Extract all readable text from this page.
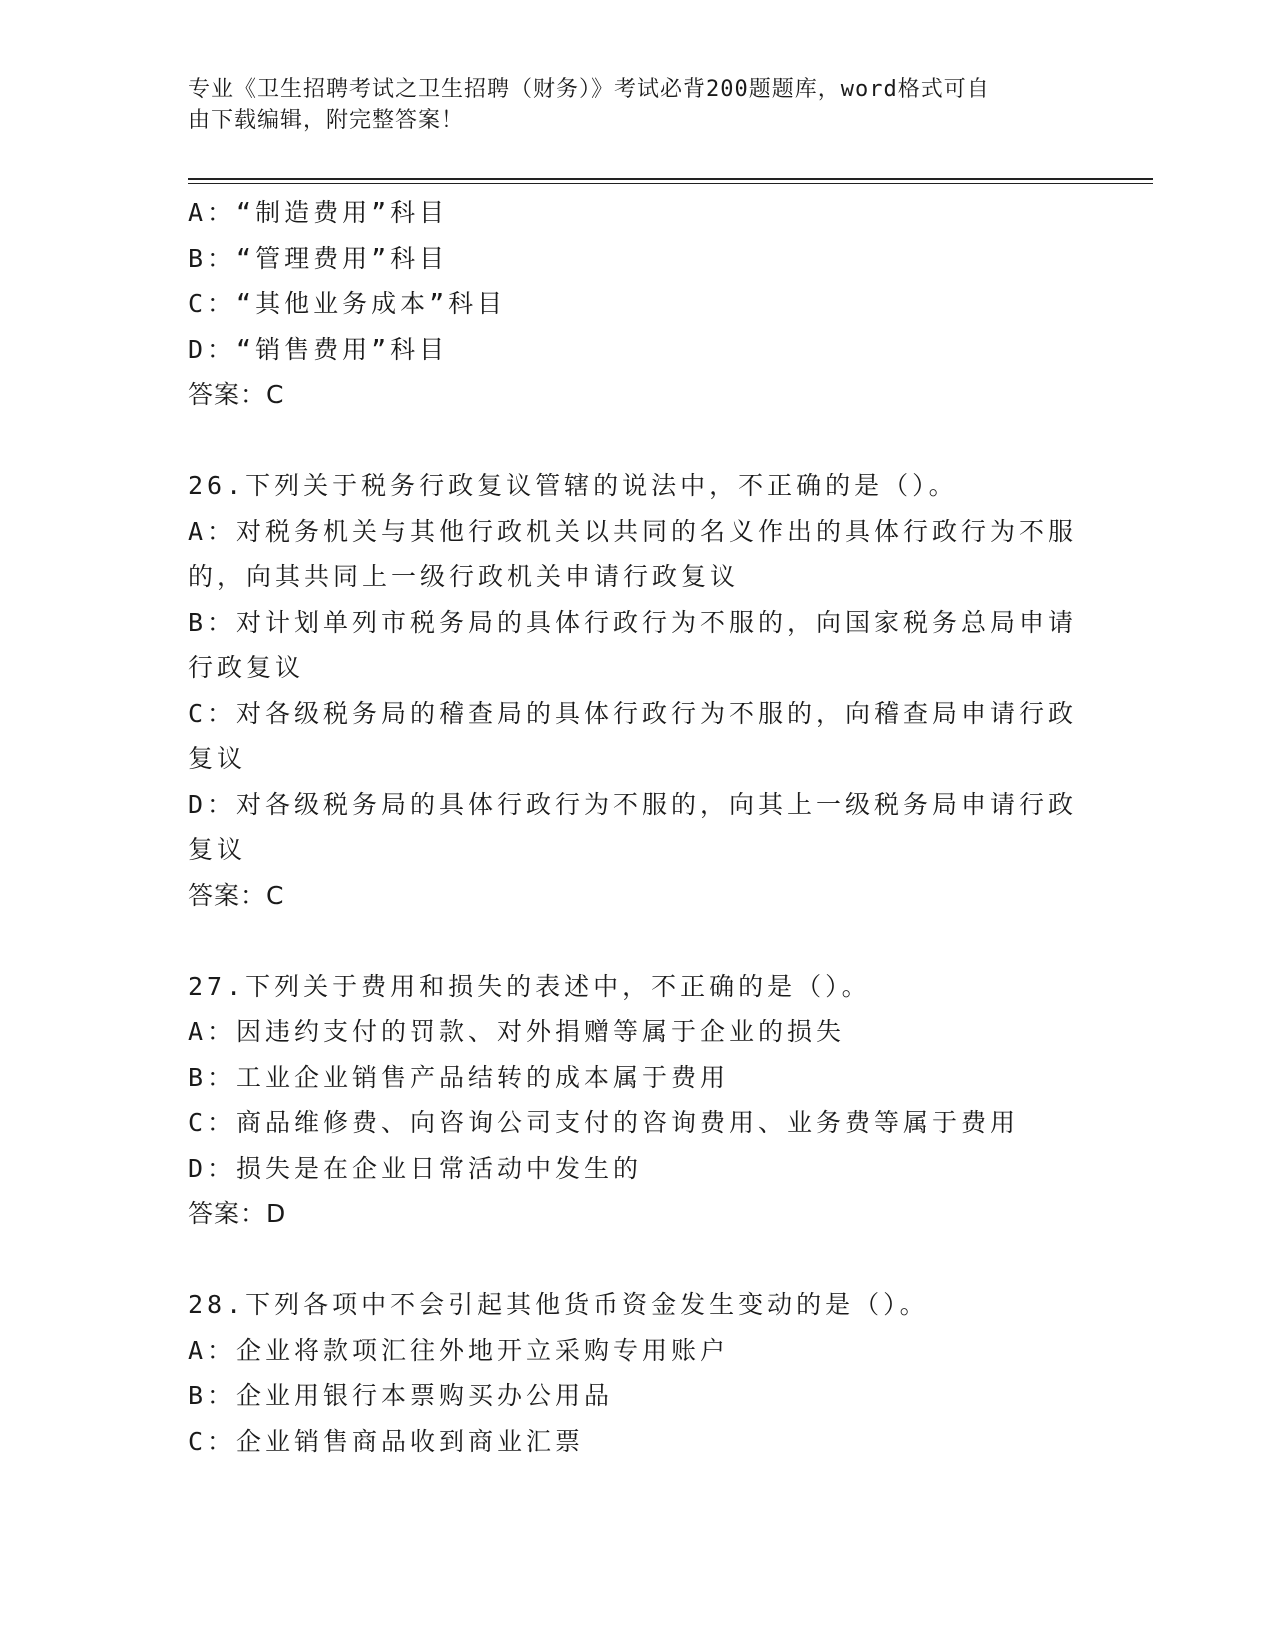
专业《卫生招聘考试之卫生招聘（财务）》考试必背200题题库，word格式可自
由下载编辑，附完整答案！
A：“制造费用”科目
B：“管理费用”科目
C：“其他业务成本”科目
D：“销售费用”科目
答案：C
26.下列关于税务行政复议管辖的说法中，不正确的是（）。
A：对税务机关与其他行政机关以共同的名义作出的具体行政行为不服
的，向其共同上一级行政机关申请行政复议
B：对计划单列市税务局的具体行政行为不服的，向国家税务总局申请
行政复议
C：对各级税务局的稽查局的具体行政行为不服的，向稽查局申请行政
复议
D：对各级税务局的具体行政行为不服的，向其上一级税务局申请行政
复议
答案：C
27.下列关于费用和损失的表述中，不正确的是（）。
A：因违约支付的罚款、对外捐赠等属于企业的损失
B：工业企业销售产品结转的成本属于费用
C：商品维修费、向咨询公司支付的咨询费用、业务费等属于费用
D：损失是在企业日常活动中发生的
答案：D
28.下列各项中不会引起其他货币资金发生变动的是（）。
A：企业将款项汇往外地开立采购专用账户
B：企业用银行本票购买办公用品
C：企业销售商品收到商业汇票
